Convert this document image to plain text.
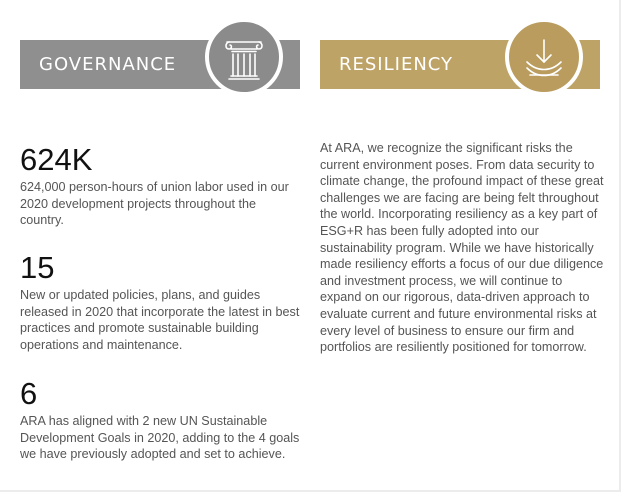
GOVERNANCE	RESILIENCY
624K
624,000 person-hours of union labor used in our 2020 development projects throughout the country.
15
New or updated policies, plans, and guides released in 2020 that incorporate the latest in best practices and promote sustainable building operations and maintenance.
6
ARA has aligned with 2 new UN Sustainable Development Goals in 2020, adding to the 4 goals we have previously adopted and set to achieve.

At ARA, we recognize the significant risks the current environment poses. From data security to climate change, the profound impact of these great challenges we are facing are being felt throughout the world. Incorporating resiliency as a key part of ESG+R has been fully adopted into our sustainability program. While we have historically made resiliency efforts a focus of our due diligence and investment process, we will continue to expand on our rigorous, data-driven approach to evaluate current and future environmental risks at every level of business to ensure our firm and portfolios are resiliently positioned for tomorrow.
